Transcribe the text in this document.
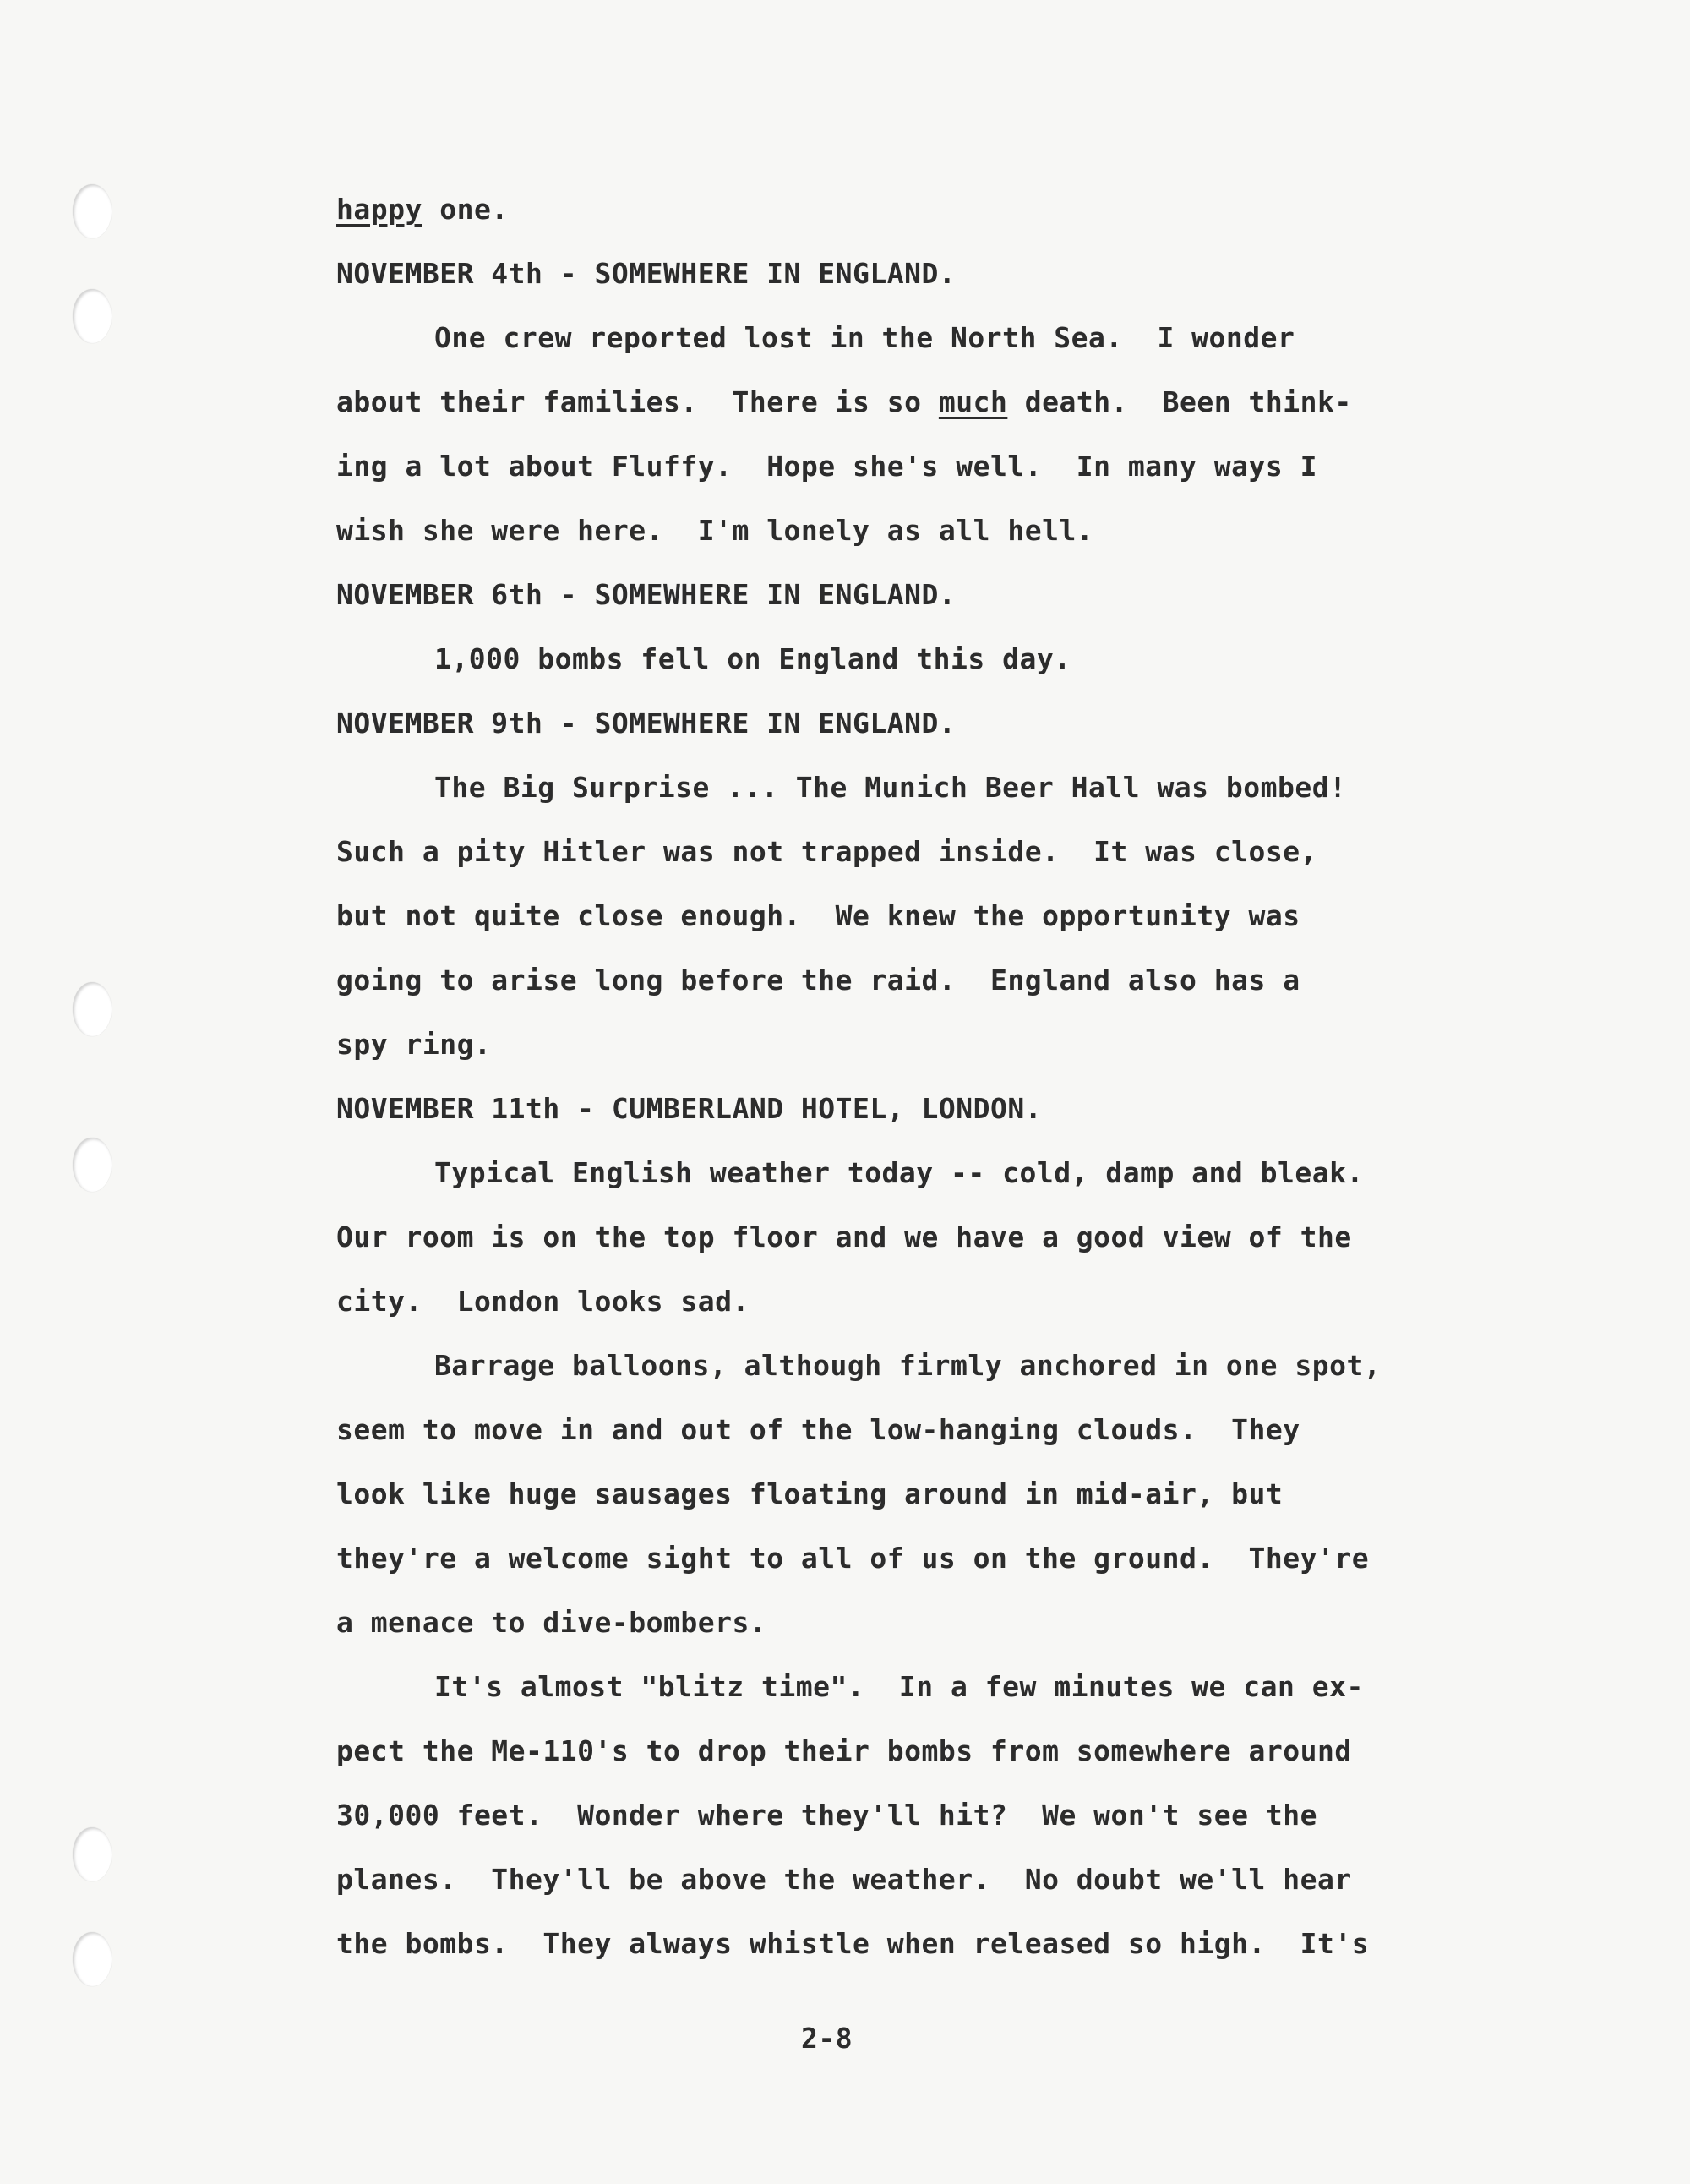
happy one.
NOVEMBER 4th - SOMEWHERE IN ENGLAND.
One crew reported lost in the North Sea.  I wonder
about their families.  There is so much death.  Been think-
ing a lot about Fluffy.  Hope she's well.  In many ways I
wish she were here.  I'm lonely as all hell.
NOVEMBER 6th - SOMEWHERE IN ENGLAND.
1,000 bombs fell on England this day.
NOVEMBER 9th - SOMEWHERE IN ENGLAND.
The Big Surprise ... The Munich Beer Hall was bombed!
Such a pity Hitler was not trapped inside.  It was close,
but not quite close enough.  We knew the opportunity was
going to arise long before the raid.  England also has a
spy ring.
NOVEMBER 11th - CUMBERLAND HOTEL, LONDON.
Typical English weather today -- cold, damp and bleak.
Our room is on the top floor and we have a good view of the
city.  London looks sad.
Barrage balloons, although firmly anchored in one spot,
seem to move in and out of the low-hanging clouds.  They
look like huge sausages floating around in mid-air, but
they're a welcome sight to all of us on the ground.  They're
a menace to dive-bombers.
It's almost "blitz time".  In a few minutes we can ex-
pect the Me-110's to drop their bombs from somewhere around
30,000 feet.  Wonder where they'll hit?  We won't see the
planes.  They'll be above the weather.  No doubt we'll hear
the bombs.  They always whistle when released so high.  It's
2-8
